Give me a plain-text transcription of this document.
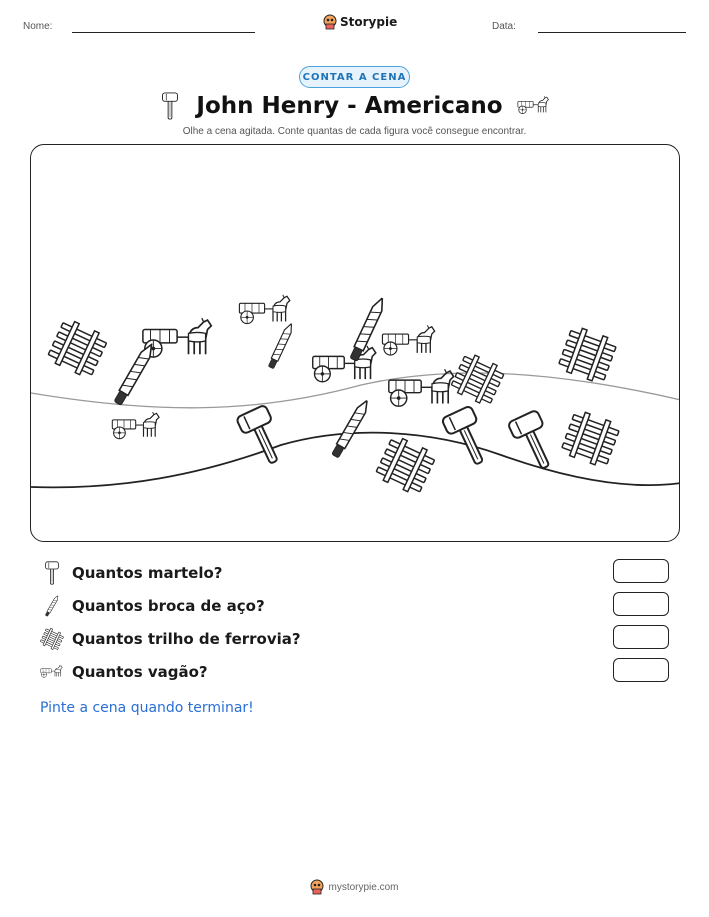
Nome:	Storypie	Data:
CONTAR A CENA
John Henry - Americano
Olhe a cena agitada. Conte quantas de cada figura você consegue encontrar.
Quantos martelo?
Quantos broca de aço?
Quantos trilho de ferrovia?
Quantos vagão?
Pinte a cena quando terminar!
mystorypie.com
